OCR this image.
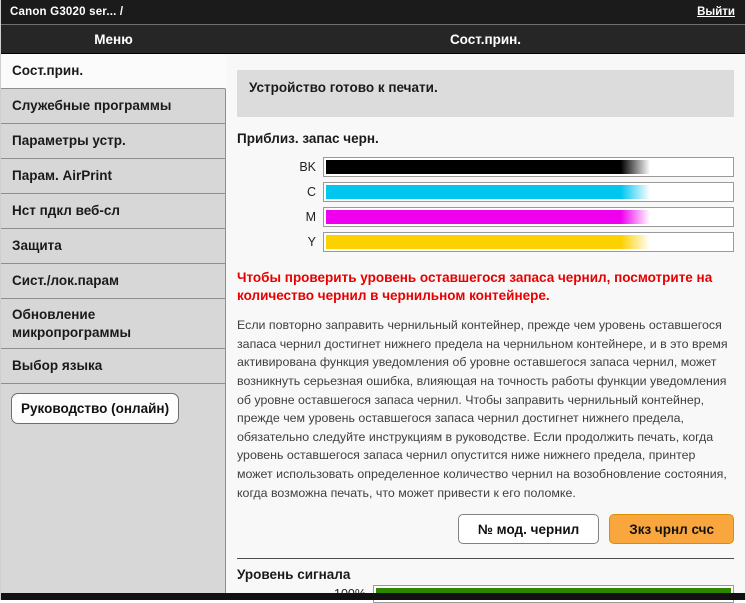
Canon G3020 ser... /	Выйти
Меню	Сост.прин.
Сост.прин.
Служебные программы
Параметры устр.
Парам. AirPrint
Нст пдкл веб-сл
Защита
Сист./лок.парам
Обновление микропрограммы
Выбор языка
Руководство (онлайн)
Устройство готово к печати.
Приблиз. запас черн.
BK
C
M
Y
Чтобы проверить уровень оставшегося запаса чернил, посмотрите на количество чернил в чернильном контейнере.
Если повторно заправить чернильный контейнер, прежде чем уровень оставшегося запаса чернил достигнет нижнего предела на чернильном контейнере, и в это время активирована функция уведомления об уровне оставшегося запаса чернил, может возникнуть серьезная ошибка, влияющая на точность работы функции уведомления об уровне оставшегося запаса чернил. Чтобы заправить чернильный контейнер, прежде чем уровень оставшегося запаса чернил достигнет нижнего предела, обязательно следуйте инструкциям в руководстве. Если продолжить печать, когда уровень оставшегося запаса чернил опустится ниже нижнего предела, принтер может использовать определенное количество чернил на возобновление состояния, когда возможна печать, что может привести к его поломке.
№ мод. чернил	Зкз чрнл счс
Уровень сигнала
